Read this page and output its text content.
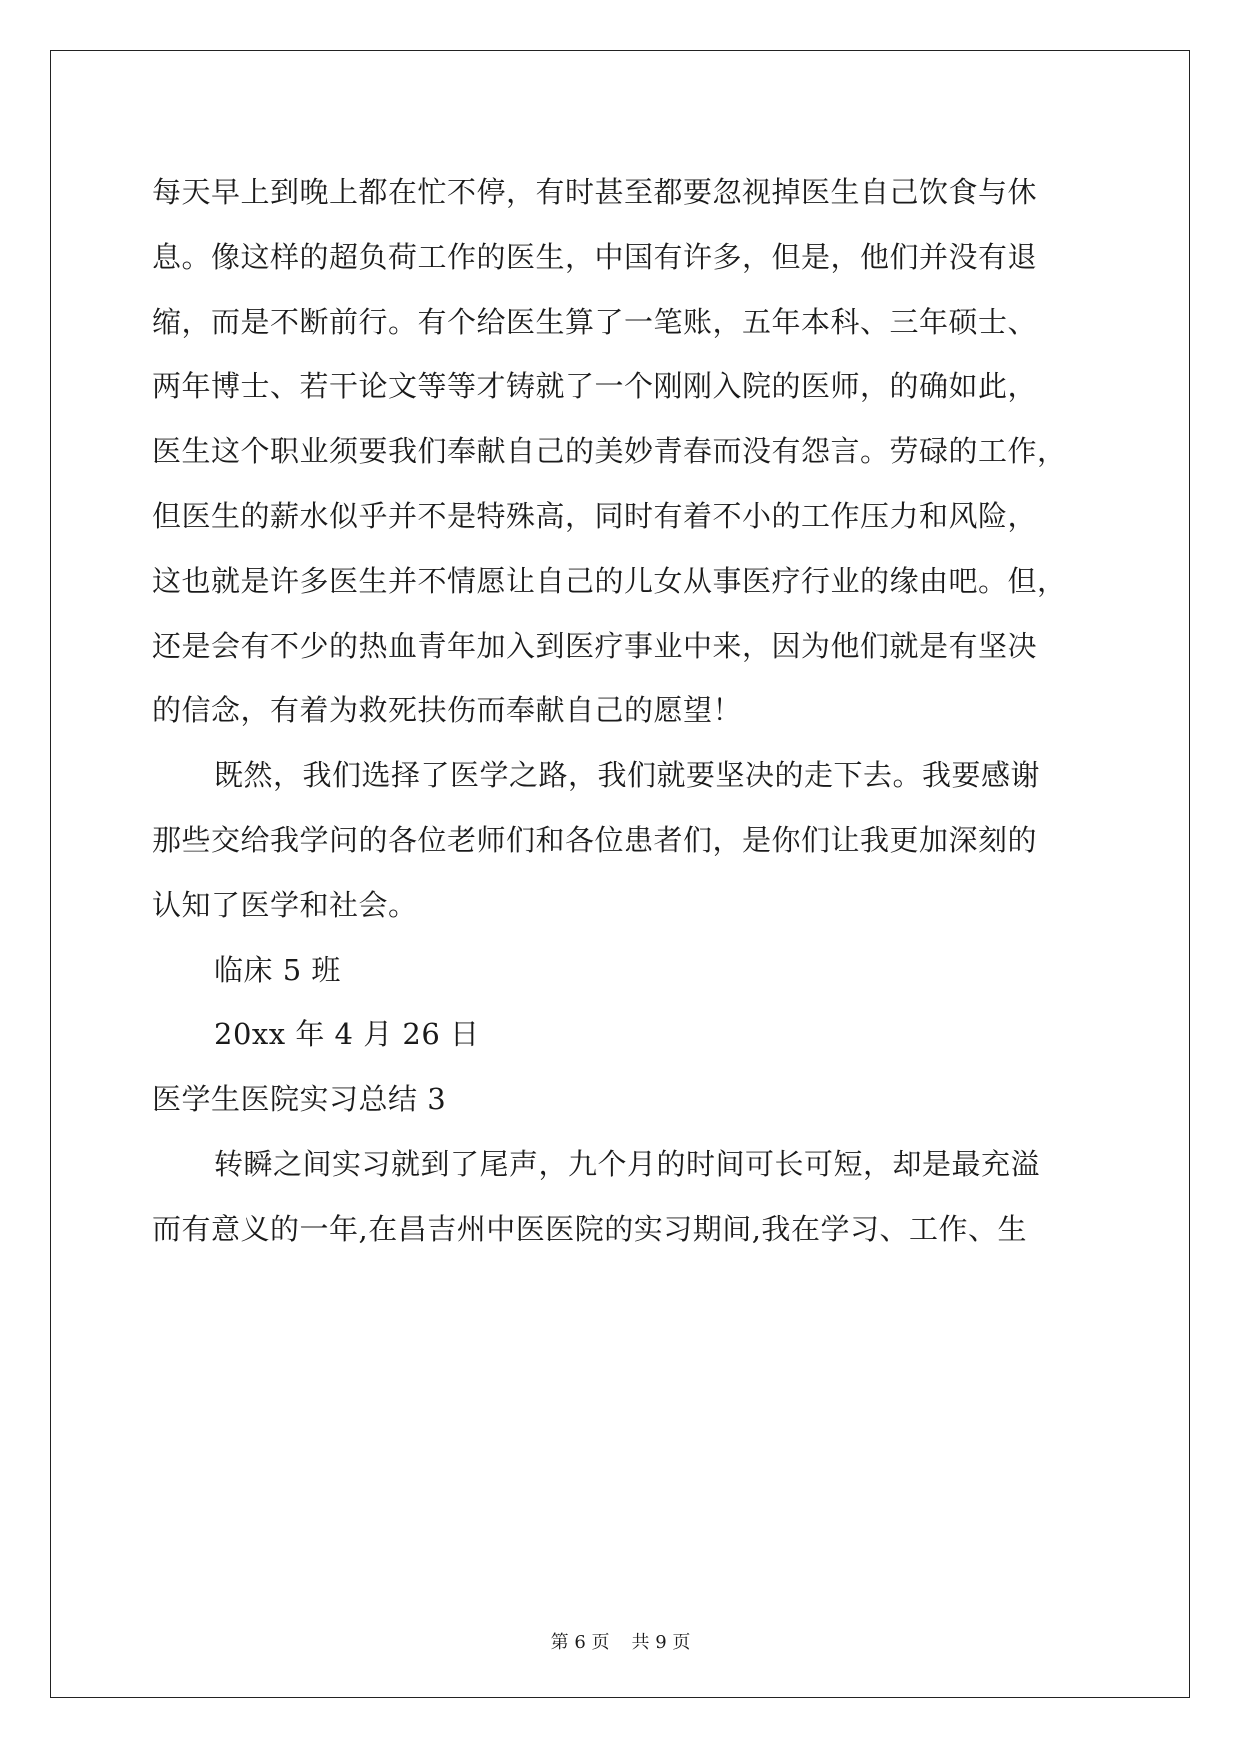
每天早上到晚上都在忙不停，有时甚至都要忽视掉医生自己饮食与休
息。像这样的超负荷工作的医生，中国有许多，但是，他们并没有退
缩，而是不断前行。有个给医生算了一笔账，五年本科、三年硕士、
两年博士、若干论文等等才铸就了一个刚刚入院的医师，的确如此，
医生这个职业须要我们奉献自己的美妙青春而没有怨言。劳碌的工作，
但医生的薪水似乎并不是特殊高，同时有着不小的工作压力和风险，
这也就是许多医生并不情愿让自己的儿女从事医疗行业的缘由吧。但，
还是会有不少的热血青年加入到医疗事业中来，因为他们就是有坚决
的信念，有着为救死扶伤而奉献自己的愿望！
既然，我们选择了医学之路，我们就要坚决的走下去。我要感谢
那些交给我学问的各位老师们和各位患者们，是你们让我更加深刻的
认知了医学和社会。
临床 5 班
20xx 年 4 月 26 日
医学生医院实习总结 3
转瞬之间实习就到了尾声，九个月的时间可长可短，却是最充溢
而有意义的一年,在昌吉州中医医院的实习期间,我在学习、工作、生
第 6 页 共 9 页
